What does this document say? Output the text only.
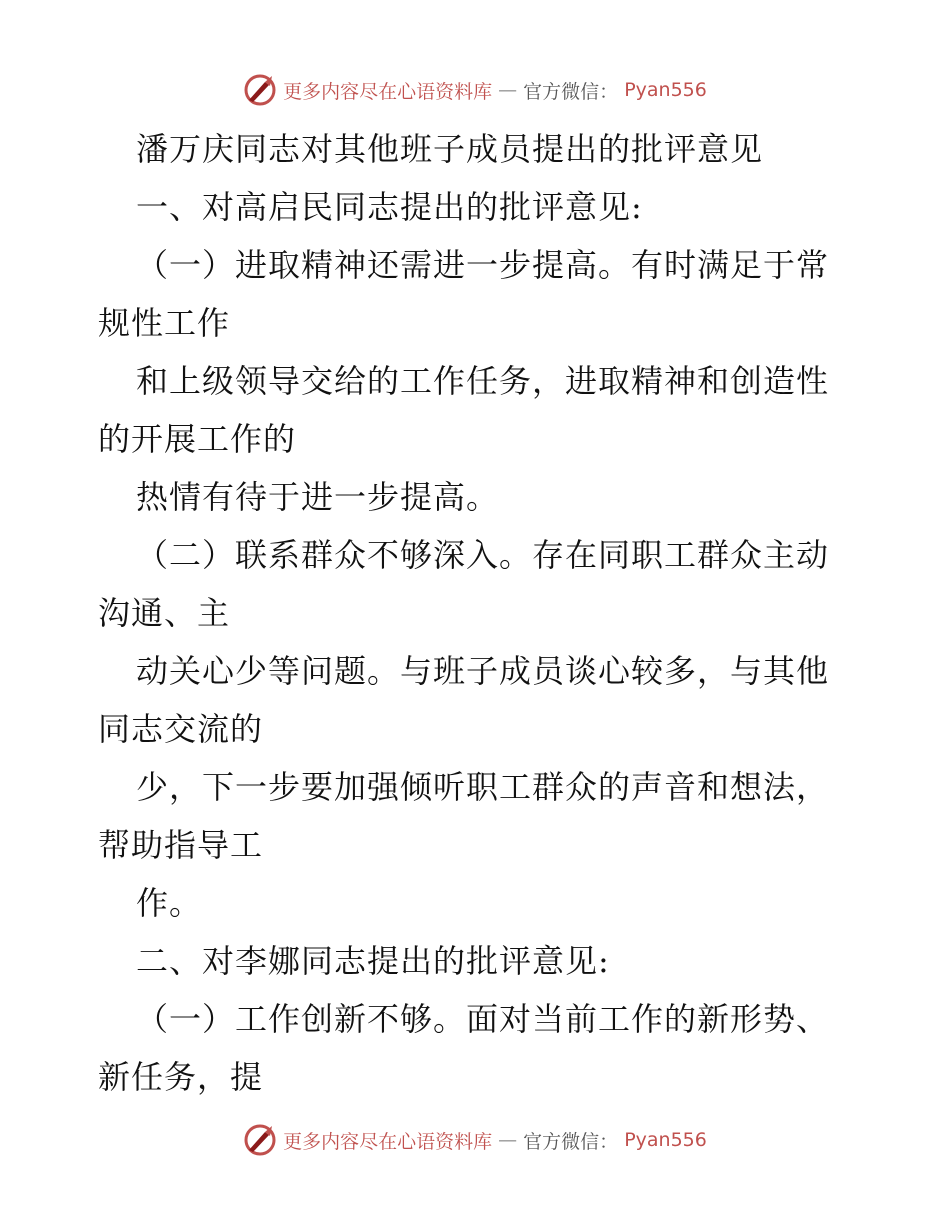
更多内容尽在心语资料库 — 官方微信： Pyan556
潘万庆同志对其他班子成员提出的批评意见
一、对高启民同志提出的批评意见:
（一）进取精神还需进一步提高。有时满足于常
规性工作
和上级领导交给的工作任务，进取精神和创造性
的开展工作的
热情有待于进一步提高。
（二）联系群众不够深入。存在同职工群众主动
沟通、主
动关心少等问题。与班子成员谈心较多，与其他
同志交流的
少，下一步要加强倾听职工群众的声音和想法，
帮助指导工
作。
二、对李娜同志提出的批评意见:
（一）工作创新不够。面对当前工作的新形势、
新任务，提
更多内容尽在心语资料库 — 官方微信： Pyan556
